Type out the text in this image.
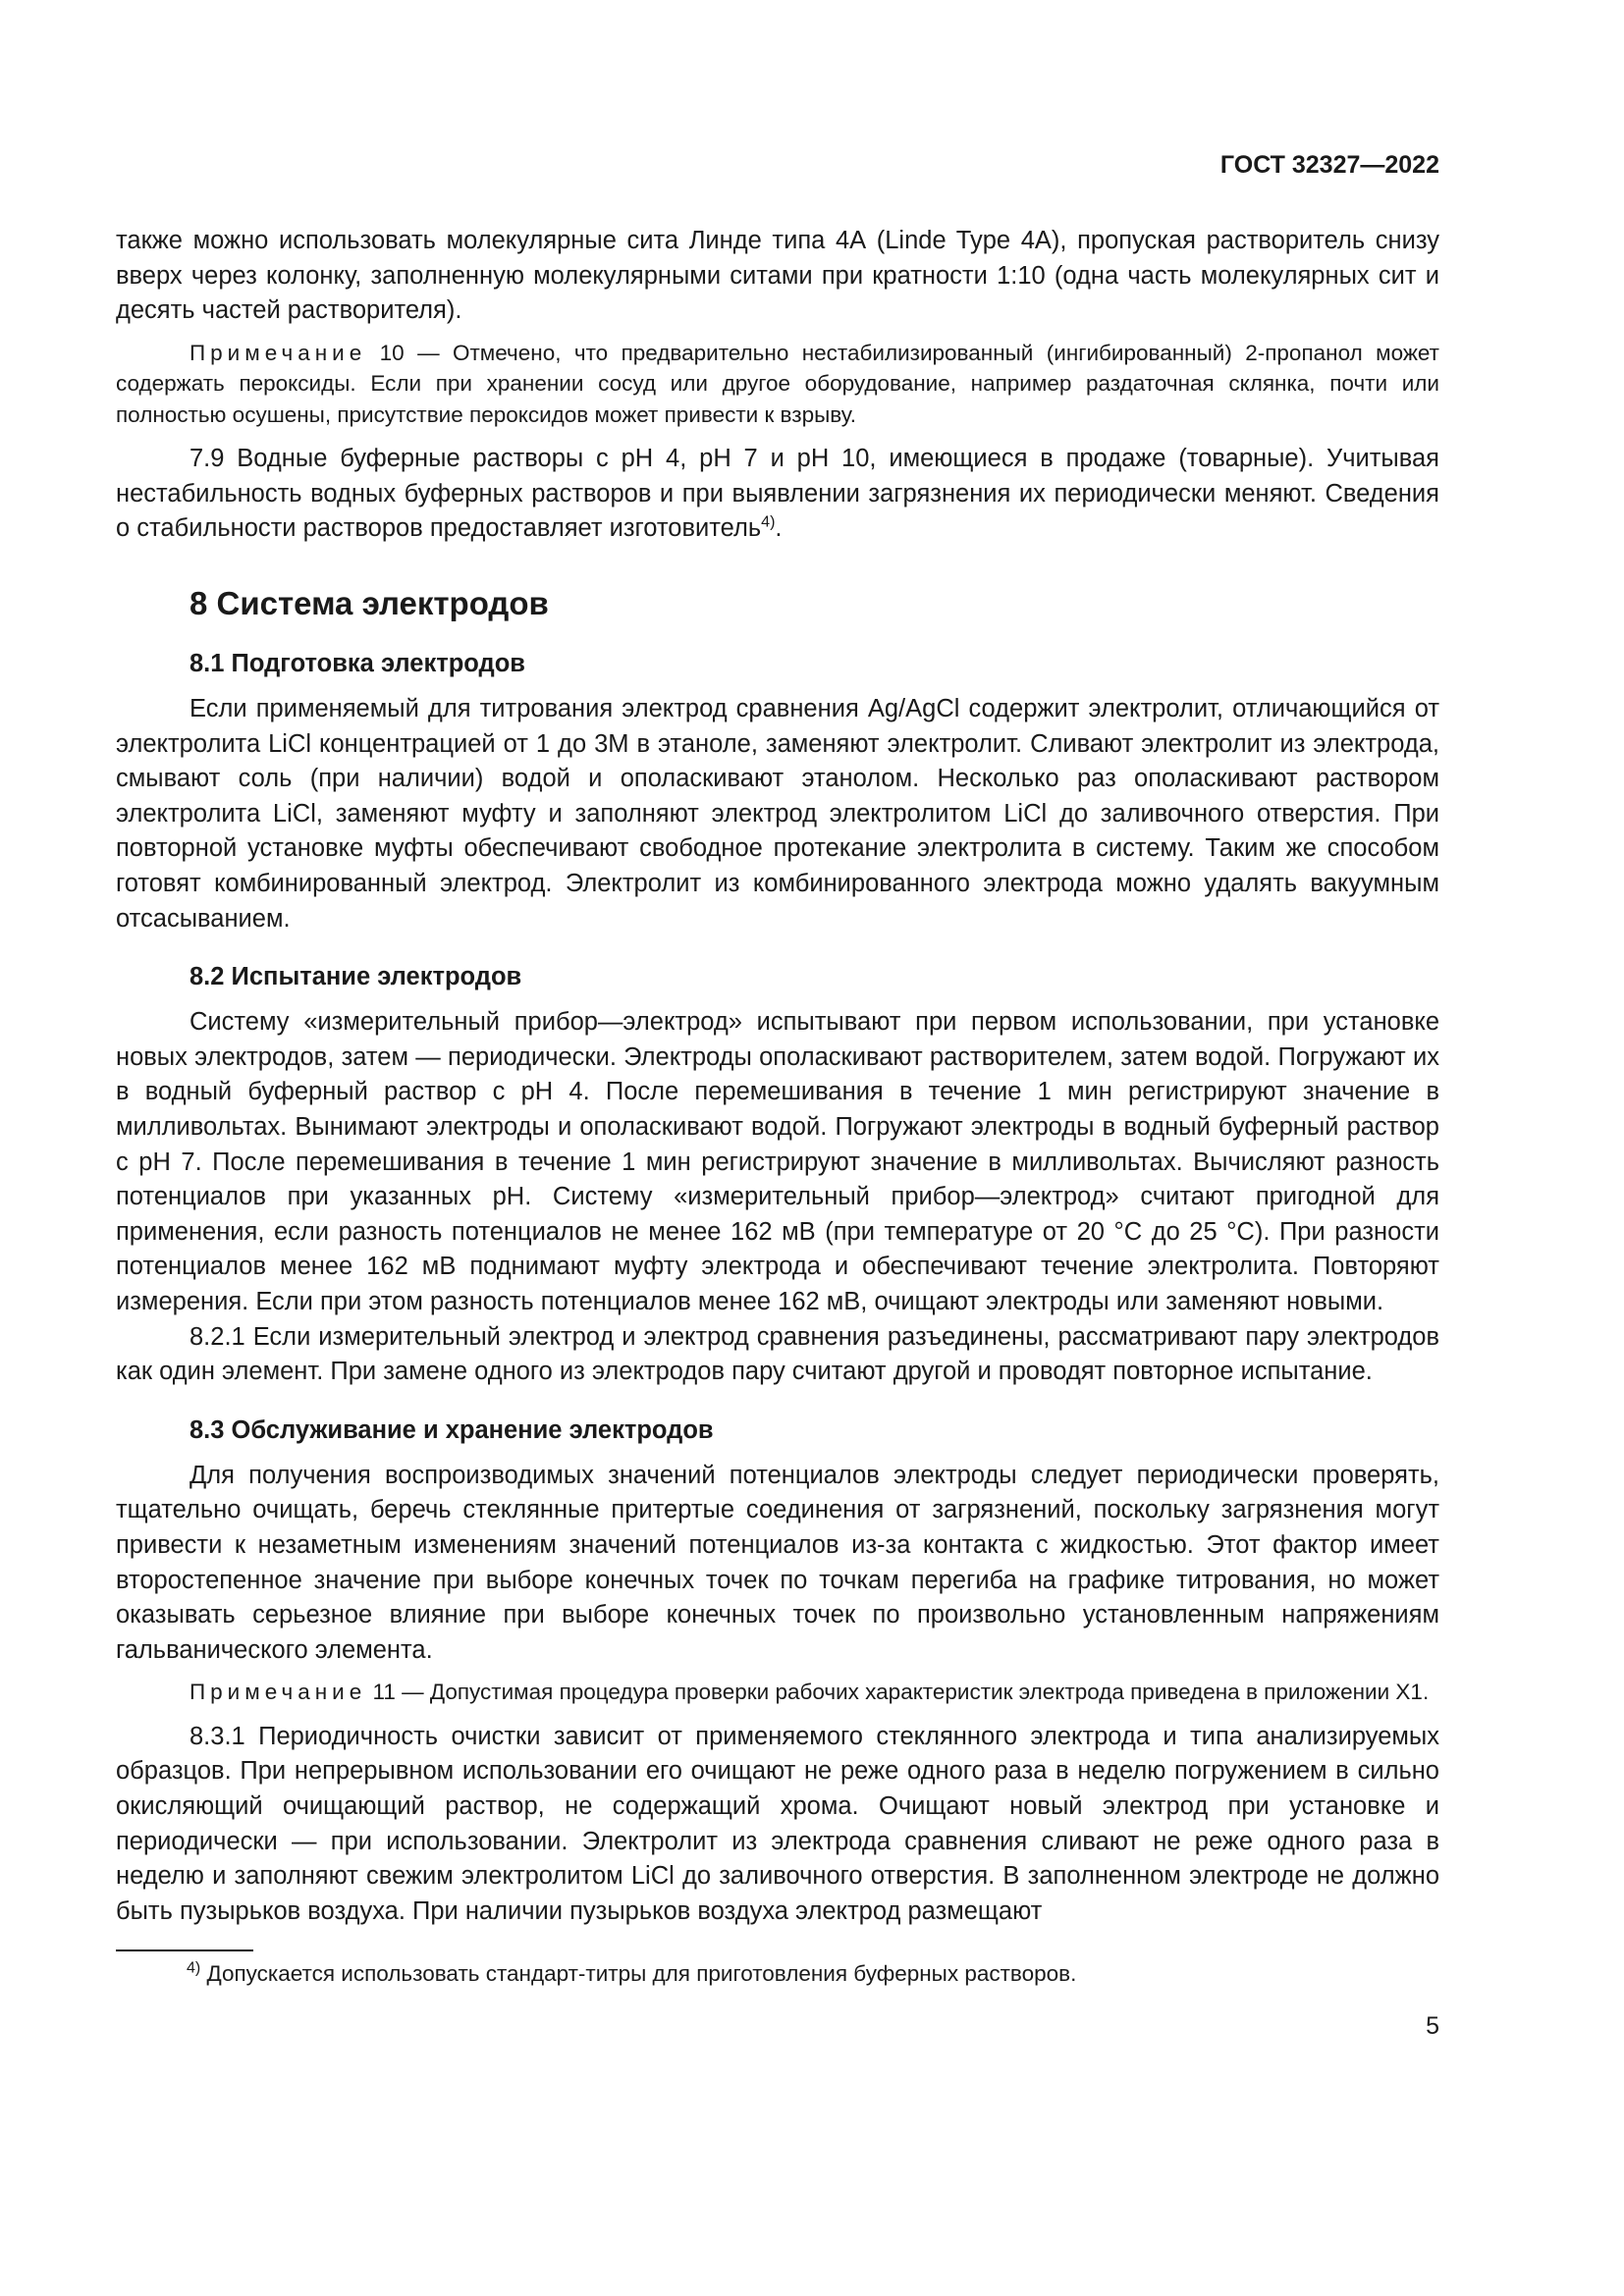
ГОСТ 32327—2022

также можно использовать молекулярные сита Линде типа 4А (Linde Type 4А), пропуская растворитель снизу вверх через колонку, заполненную молекулярными ситами при кратности 1:10 (одна часть молекулярных сит и десять частей растворителя).

Примечание 10 — Отмечено, что предварительно нестабилизированный (ингибированный) 2-пропанол может содержать пероксиды. Если при хранении сосуд или другое оборудование, например раздаточная склянка, почти или полностью осушены, присутствие пероксидов может привести к взрыву.

7.9 Водные буферные растворы с рН 4, рН 7 и рН 10, имеющиеся в продаже (товарные). Учитывая нестабильность водных буферных растворов и при выявлении загрязнения их периодически меняют. Сведения о стабильности растворов предоставляет изготовитель$^{4)}$.

8 Система электродов
8.1 Подготовка электродов

Если применяемый для титрования электрод сравнения Ag/AgCl содержит электролит, отличающийся от электролита LiCl концентрацией от 1 до 3М в этаноле, заменяют электролит. Сливают электролит из электрода, смывают соль (при наличии) водой и ополаскивают этанолом. Несколько раз ополаскивают раствором электролита LiCl, заменяют муфту и заполняют электрод электролитом LiCl до заливочного отверстия. При повторной установке муфты обеспечивают свободное протекание электролита в систему. Таким же способом готовят комбинированный электрод. Электролит из комбинированного электрода можно удалять вакуумным отсасыванием.

8.2 Испытание электродов

Систему «измерительный прибор—электрод» испытывают при первом использовании, при установке новых электродов, затем — периодически. Электроды ополаскивают растворителем, затем водой. Погружают их в водный буферный раствор с рН 4. После перемешивания в течение 1 мин регистрируют значение в милливольтах. Вынимают электроды и ополаскивают водой. Погружают электроды в водный буферный раствор с рН 7. После перемешивания в течение 1 мин регистрируют значение в милливольтах. Вычисляют разность потенциалов при указанных рН. Систему «измерительный прибор—электрод» считают пригодной для применения, если разность потенциалов не менее 162 мВ (при температуре от 20 °С до 25 °С). При разности потенциалов менее 162 мВ поднимают муфту электрода и обеспечивают течение электролита. Повторяют измерения. Если при этом разность потенциалов менее 162 мВ, очищают электроды или заменяют новыми.

8.2.1 Если измерительный электрод и электрод сравнения разъединены, рассматривают пару электродов как один элемент. При замене одного из электродов пару считают другой и проводят повторное испытание.

8.3 Обслуживание и хранение электродов

Для получения воспроизводимых значений потенциалов электроды следует периодически проверять, тщательно очищать, беречь стеклянные притертые соединения от загрязнений, поскольку загрязнения могут привести к незаметным изменениям значений потенциалов из-за контакта с жидкостью. Этот фактор имеет второстепенное значение при выборе конечных точек по точкам перегиба на графике титрования, но может оказывать серьезное влияние при выборе конечных точек по произвольно установленным напряжениям гальванического элемента.

Примечание 11 — Допустимая процедура проверки рабочих характеристик электрода приведена в приложении Х1.

8.3.1 Периодичность очистки зависит от применяемого стеклянного электрода и типа анализируемых образцов. При непрерывном использовании его очищают не реже одного раза в неделю погружением в сильно окисляющий очищающий раствор, не содержащий хрома. Очищают новый электрод при установке и периодически — при использовании. Электролит из электрода сравнения сливают не реже одного раза в неделю и заполняют свежим электролитом LiCl до заливочного отверстия. В заполненном электроде не должно быть пузырьков воздуха. При наличии пузырьков воздуха электрод размещают

$^{4)}$ Допускается использовать стандарт-титры для приготовления буферных растворов.
5
